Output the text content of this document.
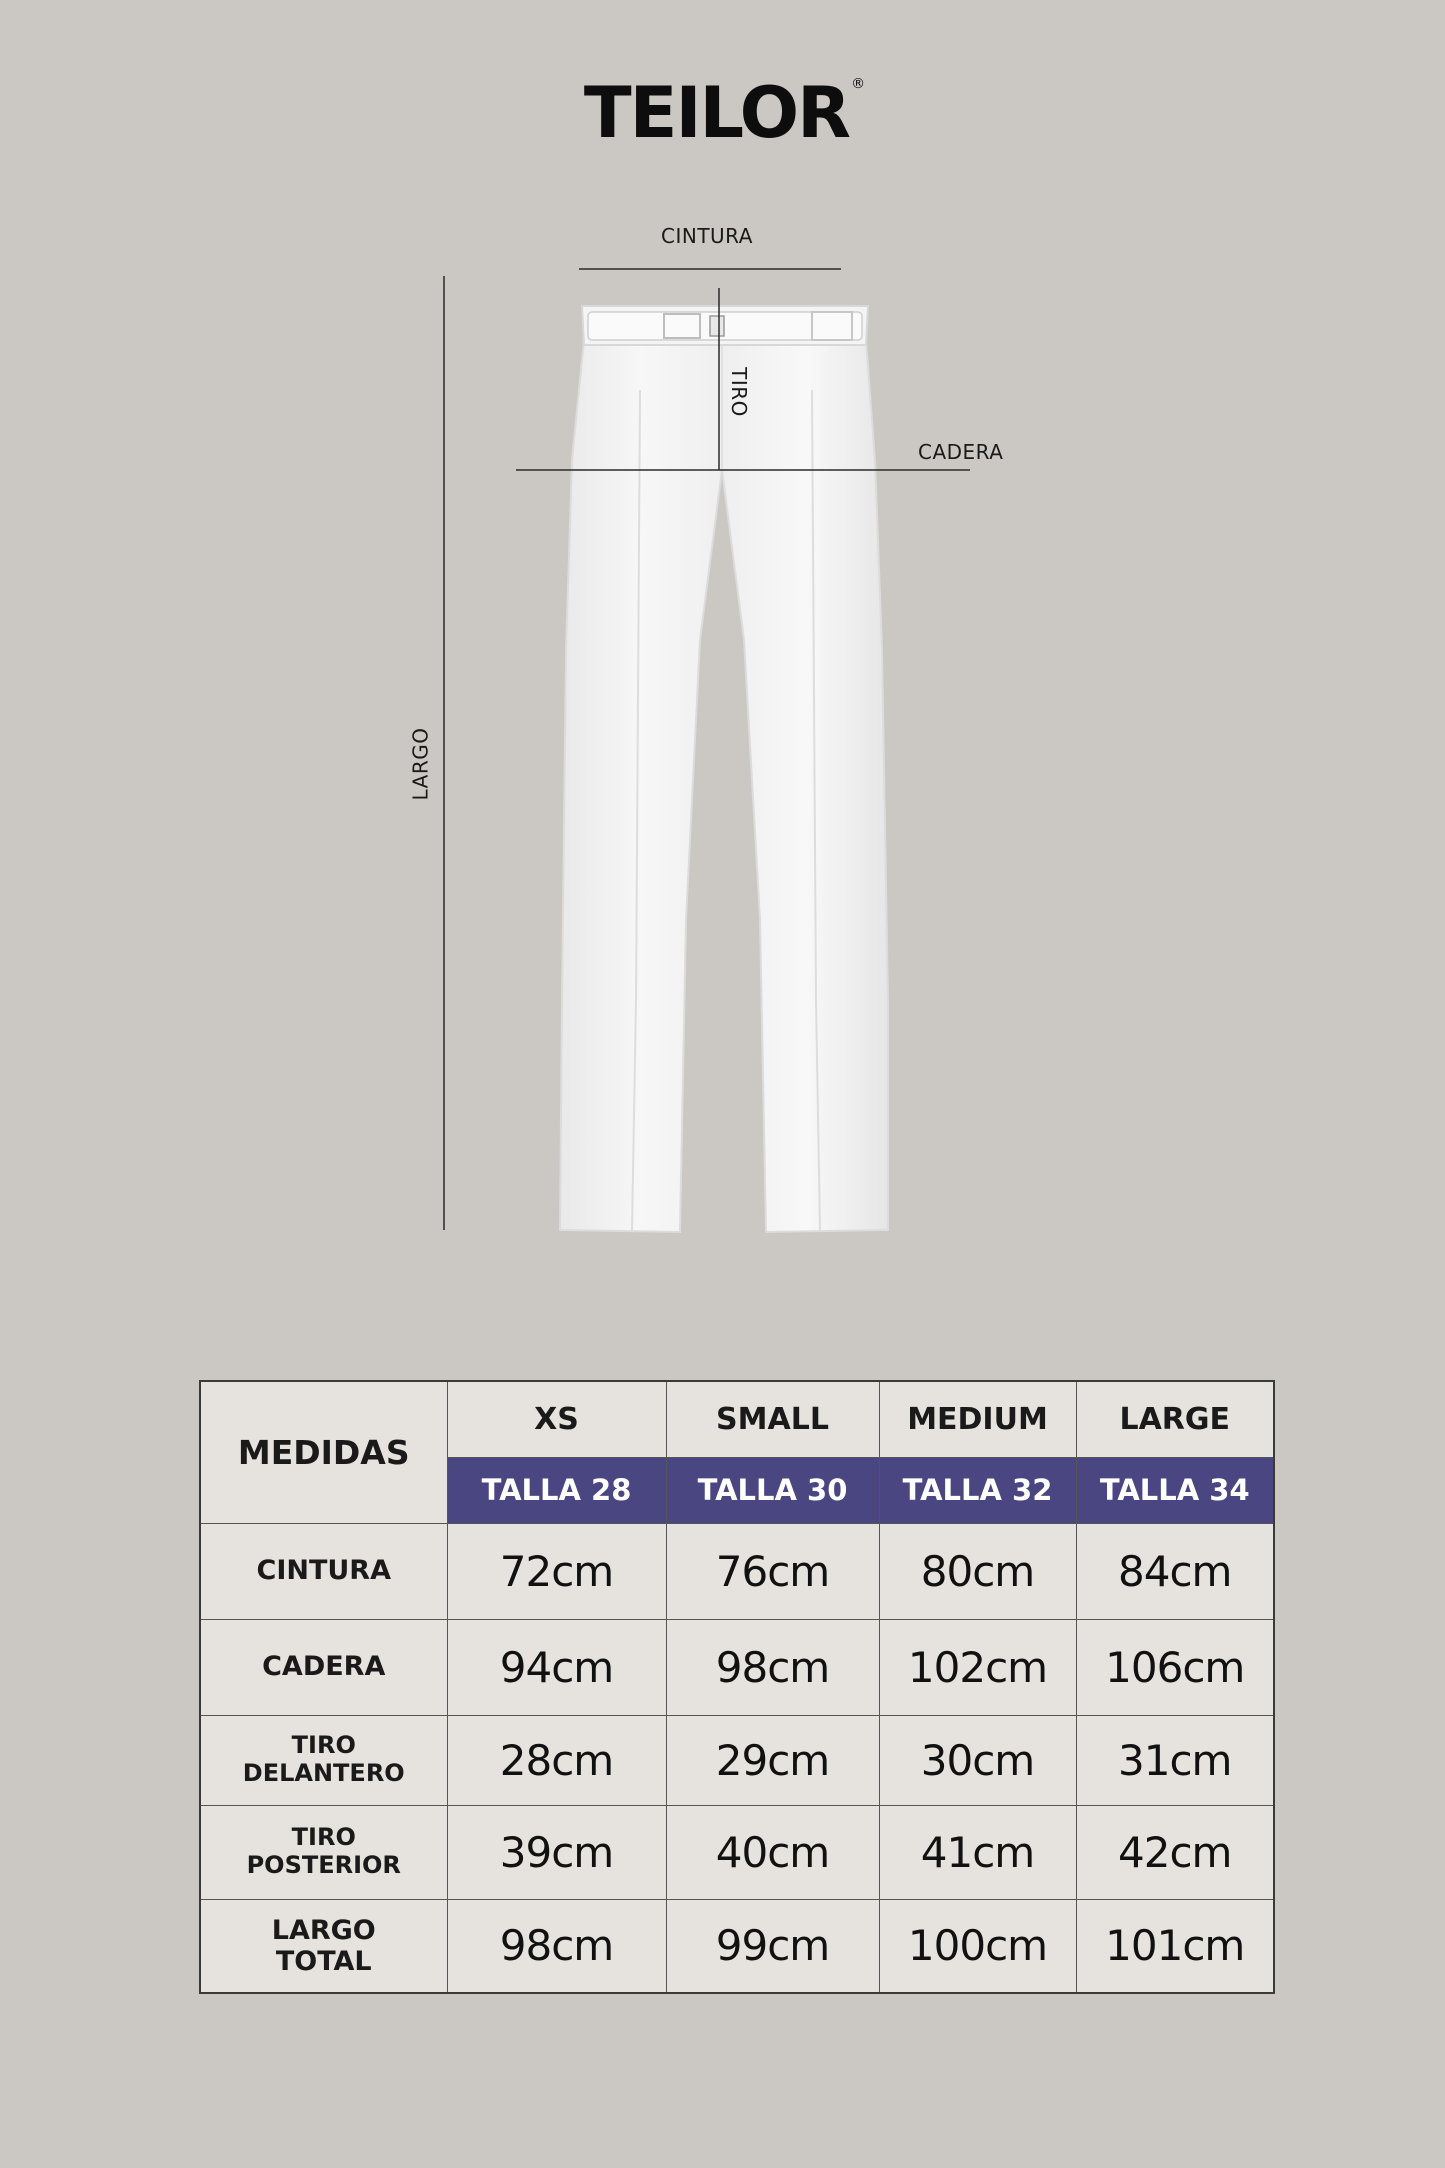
TEILOR ®
CINTURA
CADERA
TIRO
LARGO
MEDIDAS	XS	SMALL	MEDIUM	LARGE
	TALLA 28	TALLA 30	TALLA 32	TALLA 34
CINTURA	72cm	76cm	80cm	84cm
CADERA	94cm	98cm	102cm	106cm
TIRO
DELANTERO	28cm	29cm	30cm	31cm
TIRO
POSTERIOR	39cm	40cm	41cm	42cm
LARGO
TOTAL	98cm	99cm	100cm	101cm
